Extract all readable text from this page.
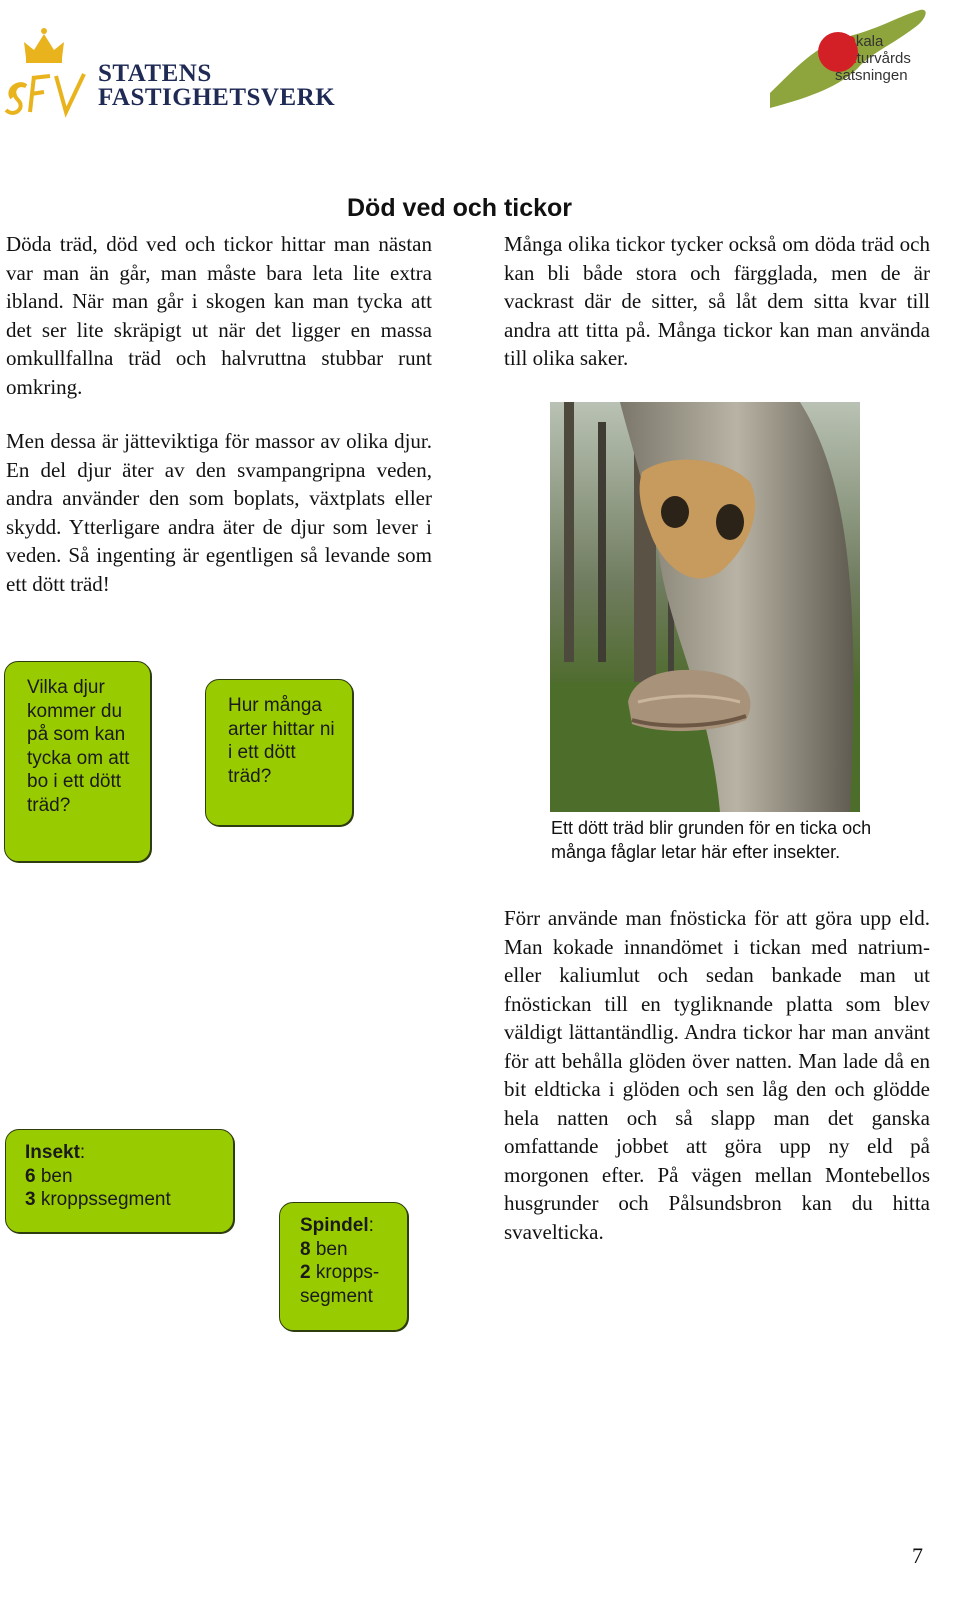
STATENS
FASTIGHETSVERK
LOkala
NAturvårds
satsningen
Död ved och tickor
Döda träd, död ved och tickor hittar man nästan var man än går, man måste bara leta lite extra ibland. När man går i skogen kan man tycka att det ser lite skräpigt ut när det ligger en massa omkullfallna träd och halvruttna stubbar runt omkring.
Men dessa är jätteviktiga för massor av olika djur. En del djur äter av den svampangripna veden, andra använder den som boplats, växtplats eller skydd. Ytterligare andra äter de djur som lever i veden. Så ingenting är egentligen så levande som ett dött träd!
Många olika tickor tycker också om döda träd och kan bli både stora och färgglada, men de är vackrast där de sitter, så låt dem sitta kvar till andra att titta på. Många tickor kan man använda till olika saker.
Förr använde man fnösticka för att göra upp eld. Man kokade innandömet i tickan med natrium- eller kaliumlut och sedan bankade man ut fnöstickan till en tygliknande platta som blev väldigt lättantändlig. Andra tickor har man använt för att behålla glöden över natten. Man lade då en bit eldticka i glöden och sen låg den och glödde hela natten och så slapp man det ganska omfattande jobbet att göra upp ny eld på morgonen efter. På vägen mellan Montebellos husgrunder och Pålsundsbron kan du hitta svavelticka.
Ett dött träd blir grunden för en ticka och många fåglar letar här efter insekter.
Vilka djur kommer du på som kan tycka om att bo i ett dött träd?
Hur många arter hittar ni i ett dött träd?
Insekt:
6 ben
3 kroppssegment
Spindel:
8 ben
2 kropps-segment
7
